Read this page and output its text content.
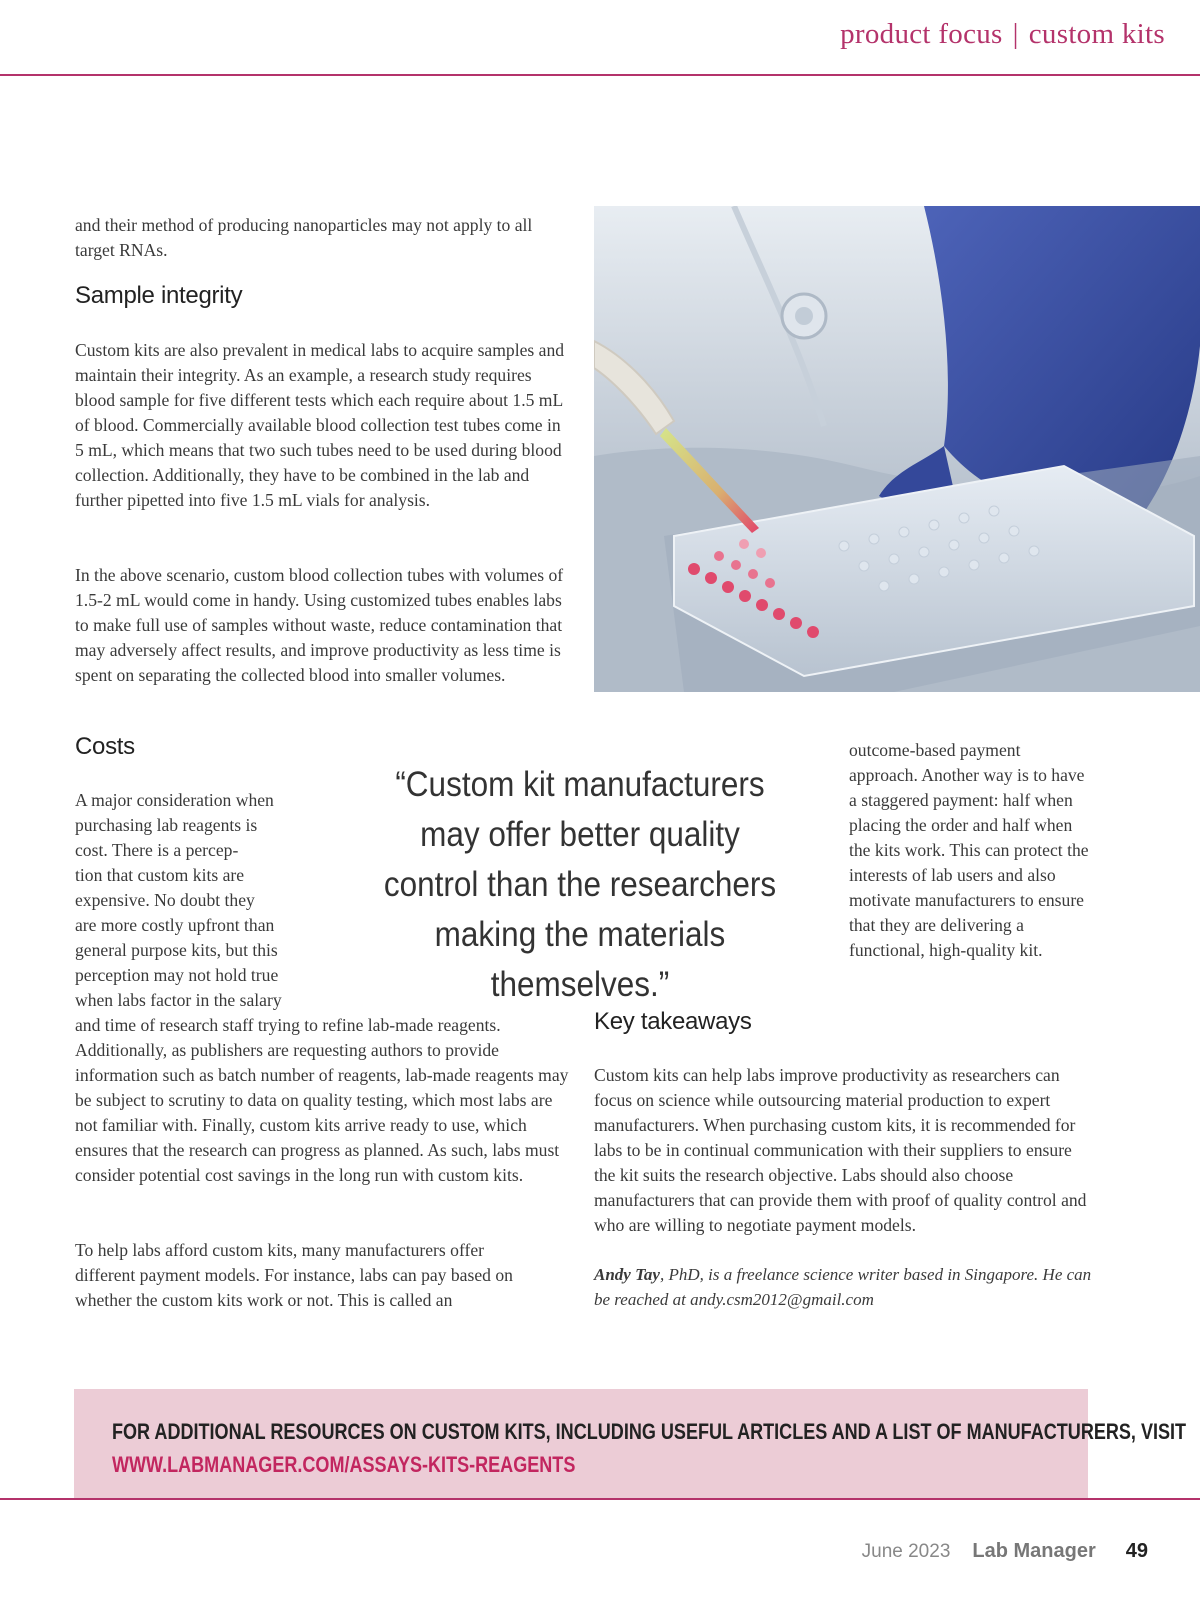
product focus | custom kits

and their method of producing nanoparticles may not apply to all target RNAs.

Sample integrity

Custom kits are also prevalent in medical labs to acquire samples and maintain their integrity. As an example, a research study requires blood sample for five different tests which each require about 1.5 mL of blood. Commercially available blood collection test tubes come in 5 mL, which means that two such tubes need to be used during blood collection. Additionally, they have to be combined in the lab and further pipetted into five 1.5 mL vials for analysis.

In the above scenario, custom blood collection tubes with volumes of 1.5-2 mL would come in handy. Using customized tubes enables labs to make full use of samples without waste, reduce contamination that may adversely affect results, and improve productivity as less time is spent on separating the collected blood into smaller volumes.

Costs
A major consideration when
purchasing lab reagents is
cost. There is a percep-
tion that custom kits are
expensive. No doubt they
are more costly upfront than
general purpose kits, but this
perception may not hold true
when labs factor in the salary

and time of research staff trying to refine lab-made reagents. Additionally, as publishers are requesting authors to provide information such as batch number of reagents, lab-made reagents may be subject to scrutiny to data on quality testing, which most labs are not familiar with. Finally, custom kits arrive ready to use, which ensures that the research can progress as planned. As such, labs must consider potential cost savings in the long run with custom kits.

To help labs afford custom kits, many manufacturers offer different payment models. For instance, labs can pay based on whether the custom kits work or not. This is called an

“Custom kit manufacturers may offer better quality control than the researchers making the materials themselves.”

outcome-based payment approach. Another way is to have a staggered payment: half when placing the order and half when the kits work. This can protect the interests of lab users and also motivate manufacturers to ensure that they are delivering a functional, high-quality kit.

Key takeaways

Custom kits can help labs improve productivity as researchers can focus on science while outsourcing material production to expert manufacturers. When purchasing custom kits, it is recommended for labs to be in continual communication with their suppliers to ensure the kit suits the research objective. Labs should also choose manufacturers that can provide them with proof of quality control and who are willing to negotiate payment models.

Andy Tay, PhD, is a freelance science writer based in Singapore. He can be reached at andy.csm2012@gmail.com

FOR ADDITIONAL RESOURCES ON CUSTOM KITS, INCLUDING USEFUL ARTICLES AND A LIST OF MANUFACTURERS, VISIT
WWW.LABMANAGER.COM/ASSAYS-KITS-REAGENTS
June 2023 Lab Manager 49
